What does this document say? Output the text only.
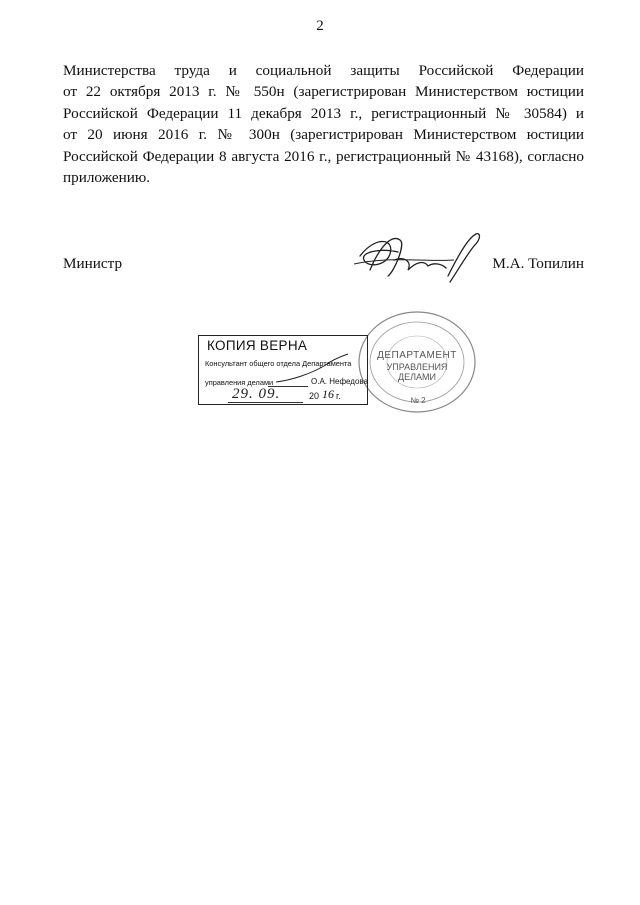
2
Министерства труда и социальной защиты Российской Федерации
от 22 октября 2013 г. № 550н (зарегистрирован Министерством юстиции
Российской Федерации 11 декабря 2013 г., регистрационный № 30584) и
от 20 июня 2016 г. № 300н (зарегистрирован Министерством юстиции
Российской Федерации 8 августа 2016 г., регистрационный № 43168), согласно
приложению.
Министр	М.А. Топилин
ДЕПАРТАМЕНТ
УПРАВЛЕНИЯ ДЕЛАМИ
№ 2
КОПИЯ ВЕРНА
Консультант общего отдела Департамента
управления делами	О.А. Нефедова
29. 09.	20 16 г.
